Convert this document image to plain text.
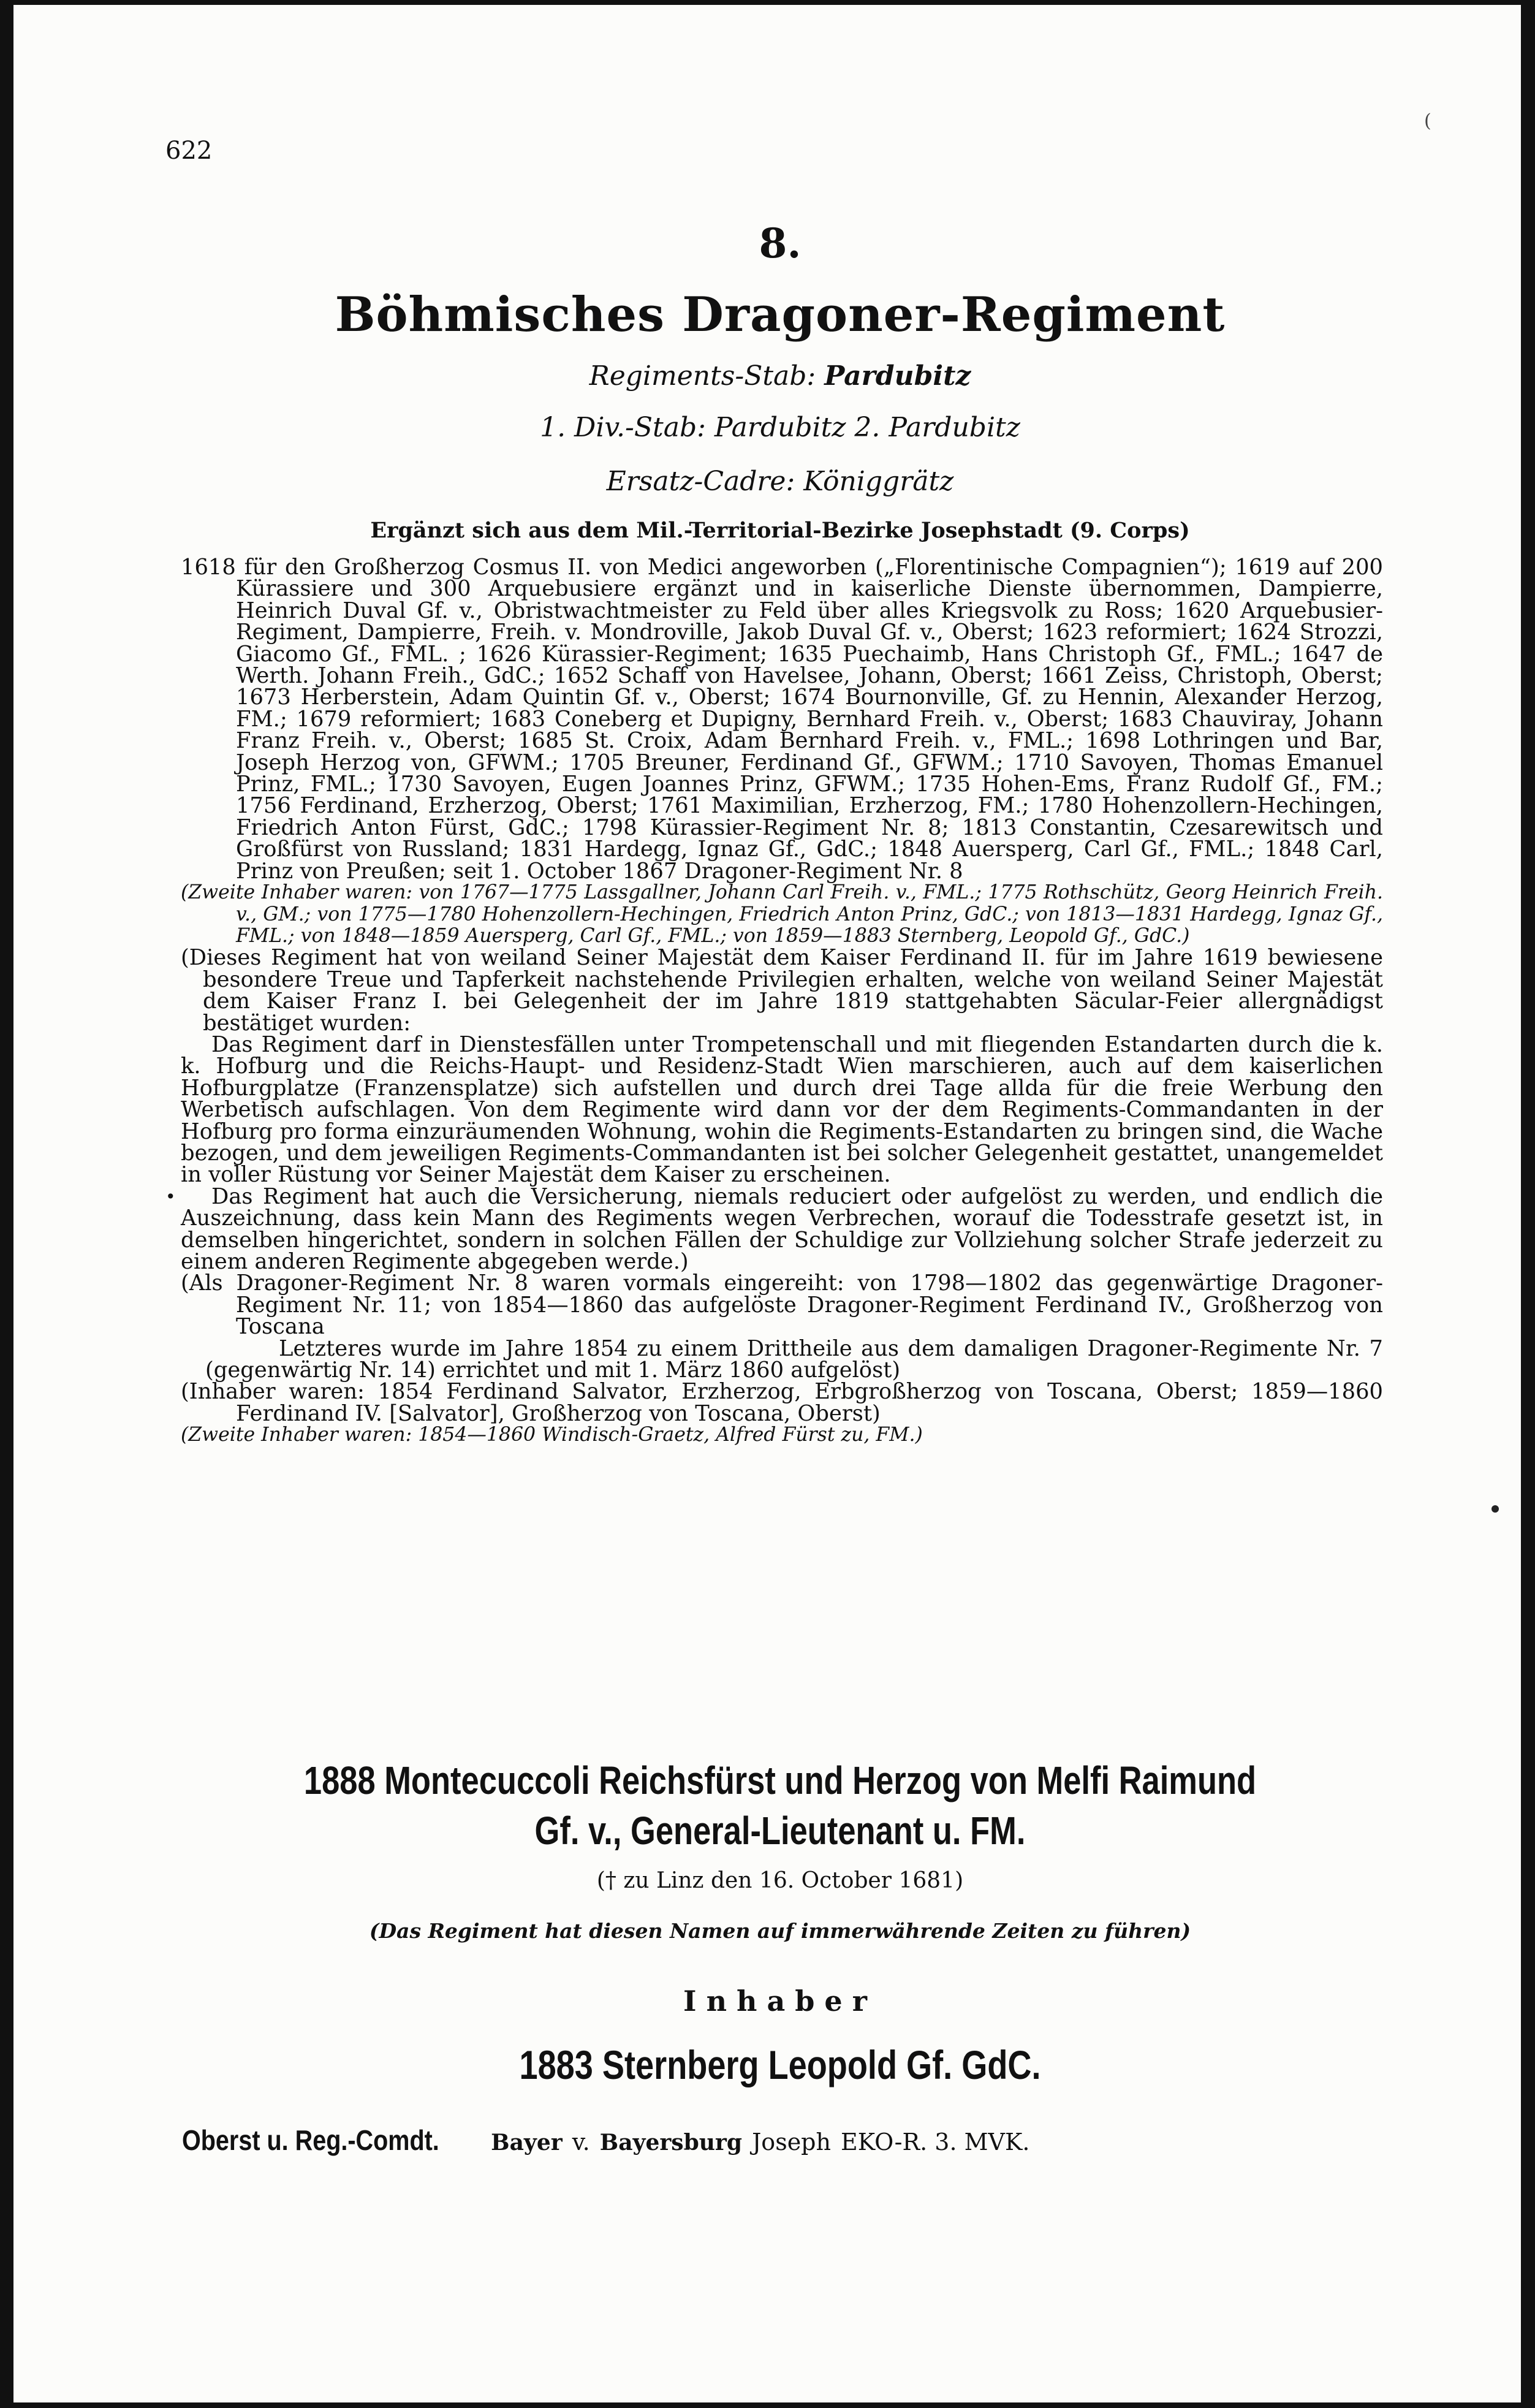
622
(
•
8.
Böhmisches Dragoner-Regiment
Regiments-Stab: Pardubitz
1. Div.-Stab: Pardubitz 2. Pardubitz
Ersatz-Cadre: Königgrätz
Ergänzt sich aus dem Mil.-Territorial-Bezirke Josephstadt (9. Corps)

1618 für den Großherzog Cosmus II. von Medici angeworben („Florentinische Compagnien“); 1619 auf 200 Kürassiere und 300 Arquebusiere ergänzt und in kaiserliche Dienste übernommen, Dampierre, Heinrich Duval Gf. v., Obristwachtmeister zu Feld über alles Kriegsvolk zu Ross; 1620 Arquebusier-Regiment, Dampierre, Freih. v. Mondroville, Jakob Duval Gf. v., Oberst; 1623 reformiert; 1624 Strozzi, Giacomo Gf., FML. ; 1626 Kürassier-Regiment; 1635 Puechaimb, Hans Christoph Gf., FML.; 1647 de Werth. Johann Freih., GdC.; 1652 Schaff von Havelsee, Johann, Oberst; 1661 Zeiss, Christoph, Oberst; 1673 Herberstein, Adam Quintin Gf. v., Oberst; 1674 Bournonville, Gf. zu Hennin, Alexander Herzog, FM.; 1679 reformiert; 1683 Coneberg et Dupigny, Bernhard Freih. v., Oberst; 1683 Chauviray, Johann Franz Freih. v., Oberst; 1685 St. Croix, Adam Bernhard Freih. v., FML.; 1698 Lothringen und Bar, Joseph Herzog von, GFWM.; 1705 Breuner, Ferdinand Gf., GFWM.; 1710 Savoyen, Thomas Emanuel Prinz, FML.; 1730 Savoyen, Eugen Joannes Prinz, GFWM.; 1735 Hohen-Ems, Franz Rudolf Gf., FM.; 1756 Ferdinand, Erzherzog, Oberst; 1761 Maximilian, Erzherzog, FM.; 1780 Hohenzollern-Hechingen, Friedrich Anton Fürst, GdC.; 1798 Kürassier-Regiment Nr. 8; 1813 Constantin, Czesarewitsch und Großfürst von Russland; 1831 Hardegg, Ignaz Gf., GdC.; 1848 Auersperg, Carl Gf., FML.; 1848 Carl, Prinz von Preußen; seit 1. October 1867 Dragoner-Regiment Nr. 8

(Zweite Inhaber waren: von 1767—1775 Lassgallner, Johann Carl Freih. v., FML.; 1775 Rothschütz, Georg Heinrich Freih. v., GM.; von 1775—1780 Hohenzollern-Hechingen, Friedrich Anton Prinz, GdC.; von 1813—1831 Hardegg, Ignaz Gf., FML.; von 1848—1859 Auersperg, Carl Gf., FML.; von 1859—1883 Sternberg, Leopold Gf., GdC.)

(Dieses Regiment hat von weiland Seiner Majestät dem Kaiser Ferdinand II. für im Jahre 1619 bewiesene besondere Treue und Tapferkeit nachstehende Privilegien erhalten, welche von weiland Seiner Majestät dem Kaiser Franz I. bei Gelegenheit der im Jahre 1819 stattgehabten Säcular-Feier allergnädigst bestätiget wurden:

Das Regiment darf in Dienstesfällen unter Trompetenschall und mit fliegenden Estandarten durch die k. k. Hofburg und die Reichs-Haupt- und Residenz-Stadt Wien marschieren, auch auf dem kaiserlichen Hofburgplatze (Franzensplatze) sich aufstellen und durch drei Tage allda für die freie Werbung den Werbetisch aufschlagen. Von dem Regimente wird dann vor der dem Regiments-Commandanten in der Hofburg pro forma einzuräumenden Wohnung, wohin die Regiments-Estandarten zu bringen sind, die Wache bezogen, und dem jeweiligen Regiments-Commandanten ist bei solcher Gelegenheit gestattet, unangemeldet in voller Rüstung vor Seiner Majestät dem Kaiser zu erscheinen.

Das Regiment hat auch die Versicherung, niemals reduciert oder aufgelöst zu werden, und endlich die Auszeichnung, dass kein Mann des Regiments wegen Verbrechen, worauf die Todesstrafe gesetzt ist, in demselben hingerichtet, sondern in solchen Fällen der Schuldige zur Vollziehung solcher Strafe jederzeit zu einem anderen Regimente abgegeben werde.)

(Als Dragoner-Regiment Nr. 8 waren vormals eingereiht: von 1798—1802 das gegenwärtige Dragoner-Regiment Nr. 11; von 1854—1860 das aufgelöste Dragoner-Regiment Ferdinand IV., Großherzog von Toscana

Letzteres wurde im Jahre 1854 zu einem Drittheile aus dem damaligen Dragoner-Regimente Nr. 7 (gegenwärtig Nr. 14) errichtet und mit 1. März 1860 aufgelöst)

(Inhaber waren: 1854 Ferdinand Salvator, Erzherzog, Erbgroßherzog von Toscana, Oberst; 1859—1860 Ferdinand IV. [Salvator], Großherzog von Toscana, Oberst)

(Zweite Inhaber waren: 1854—1860 Windisch-Graetz, Alfred Fürst zu, FM.)

1888 Montecuccoli Reichsfürst und Herzog von Melfi Raimund
Gf. v., General-Lieutenant u. FM.
(† zu Linz den 16. October 1681)
(Das Regiment hat diesen Namen auf immerwährende Zeiten zu führen)
Inhaber
1883 Sternberg Leopold Gf. GdC.
Oberst u. Reg.-Comdt. Bayer v. Bayersburg Joseph EKO-R. 3. MVK.
